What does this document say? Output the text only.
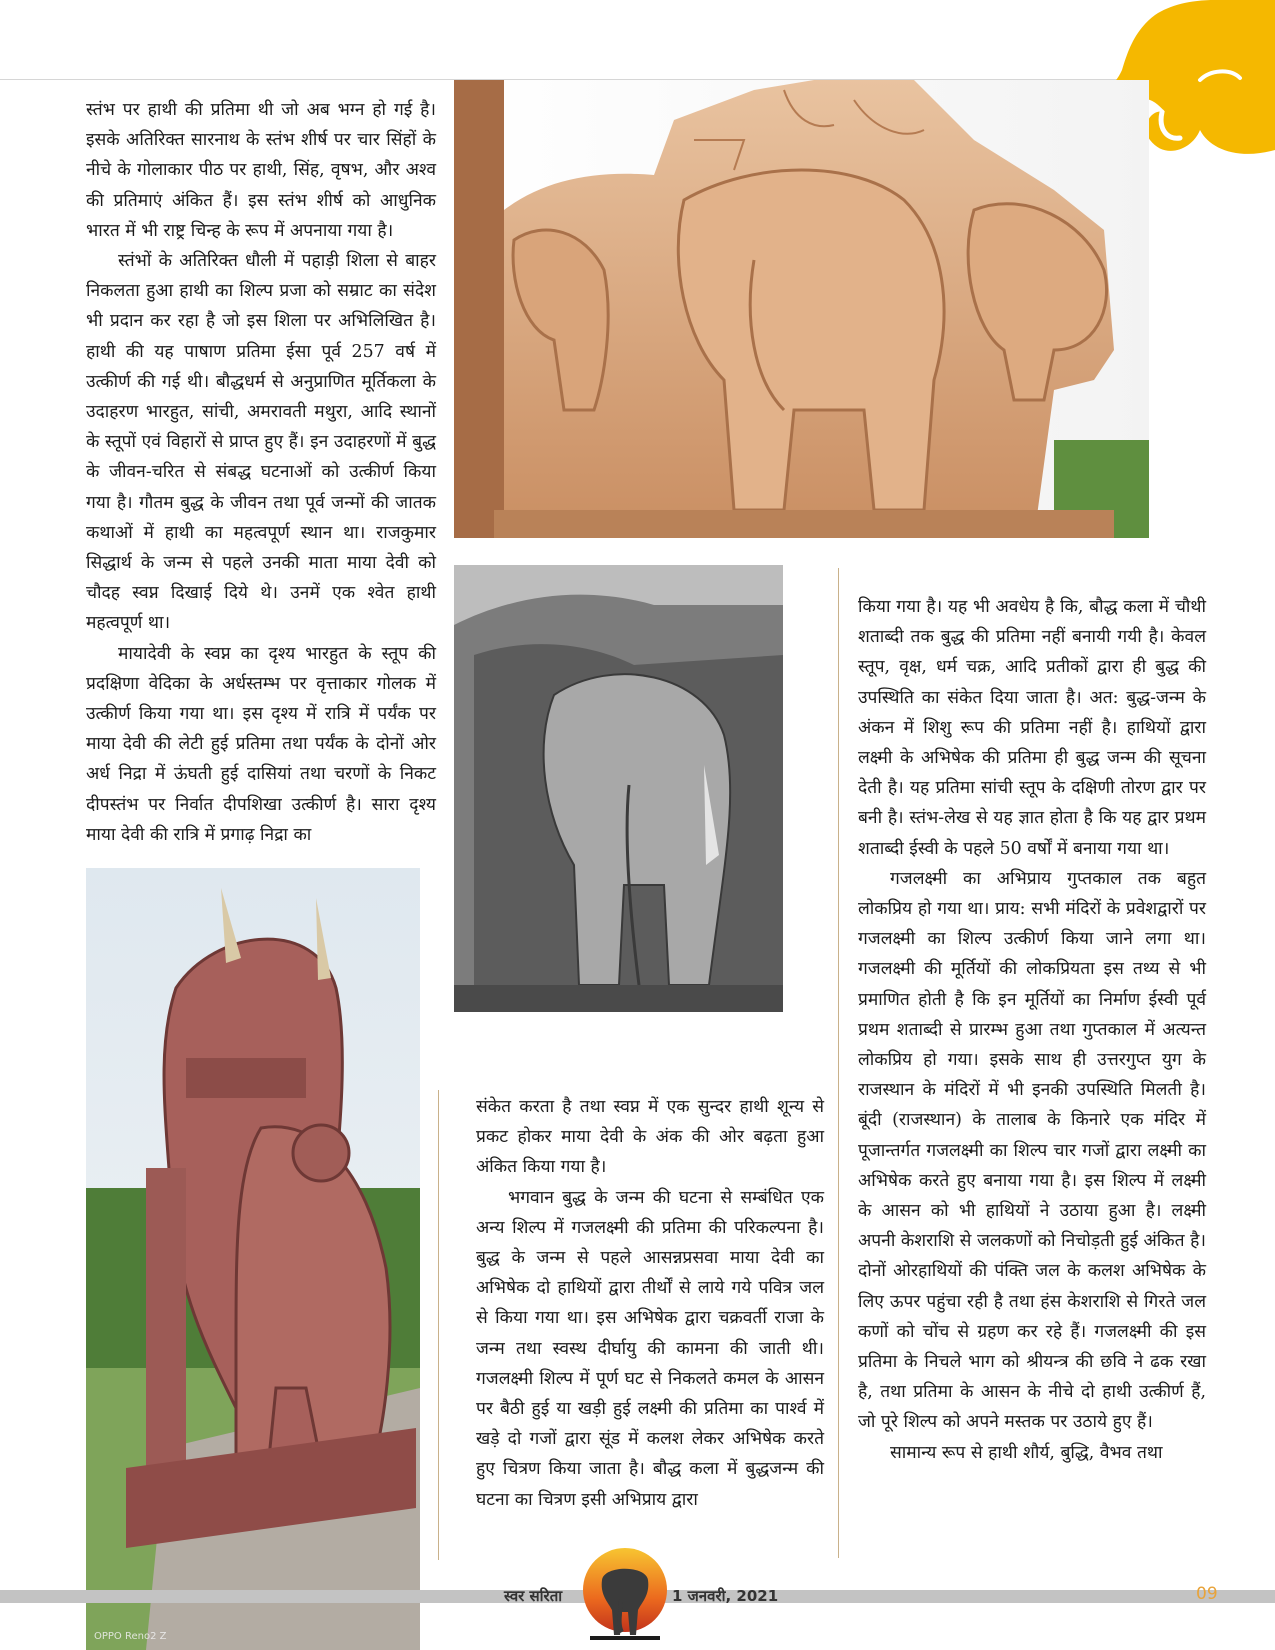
OPPO Reno2 Z

स्तंभ पर हाथी की प्रतिमा थी जो अब भग्न हो गई है। इसके अतिरिक्त सारनाथ के स्तंभ शीर्ष पर चार सिंहों के नीचे के गोलाकार पीठ पर हाथी, सिंह, वृषभ, और अश्व की प्रतिमाएं अंकित हैं। इस स्तंभ शीर्ष को आधुनिक भारत में भी राष्ट्र चिन्ह के रूप में अपनाया गया है।

स्तंभों के अतिरिक्त धौली में पहाड़ी शिला से बाहर निकलता हुआ हाथी का शिल्प प्रजा को सम्राट का संदेश भी प्रदान कर रहा है जो इस शिला पर अभिलिखित है। हाथी की यह पाषाण प्रतिमा ईसा पूर्व 257 वर्ष में उत्कीर्ण की गई थी। बौद्धधर्म से अनुप्राणित मूर्तिकला के उदाहरण भारहुत, सांची, अमरावती मथुरा, आदि स्थानों के स्तूपों एवं विहारों से प्राप्त हुए हैं। इन उदाहरणों में बुद्ध के जीवन-चरित से संबद्ध घटनाओं को उत्कीर्ण किया गया है। गौतम बुद्ध के जीवन तथा पूर्व जन्मों की जातक कथाओं में हाथी का महत्वपूर्ण स्थान था। राजकुमार सिद्धार्थ के जन्म से पहले उनकी माता माया देवी को चौदह स्वप्न दिखाई दिये थे। उनमें एक श्वेत हाथी महत्वपूर्ण था।

मायादेवी के स्वप्न का दृश्य भारहुत के स्तूप की प्रदक्षिणा वेदिका के अर्धस्तम्भ पर वृत्ताकार गोलक में उत्कीर्ण किया गया था। इस दृश्य में रात्रि में पर्यंक पर माया देवी की लेटी हुई प्रतिमा तथा पर्यंक के दोनों ओर अर्ध निद्रा में ऊंघती हुई दासियां तथा चरणों के निकट दीपस्तंभ पर निर्वात दीपशिखा उत्कीर्ण है। सारा दृश्य माया देवी की रात्रि में प्रगाढ़ निद्रा का

संकेत करता है तथा स्वप्न में एक सुन्दर हाथी शून्य से प्रकट होकर माया देवी के अंक की ओर बढ़ता हुआ अंकित किया गया है।

भगवान बुद्ध के जन्म की घटना से सम्बंधित एक अन्य शिल्प में गजलक्ष्मी की प्रतिमा की परिकल्पना है। बुद्ध के जन्म से पहले आसन्नप्रसवा माया देवी का अभिषेक दो हाथियों द्वारा तीर्थों से लाये गये पवित्र जल से किया गया था। इस अभिषेक द्वारा चक्रवर्ती राजा के जन्म तथा स्वस्थ दीर्घायु की कामना की जाती थी। गजलक्ष्मी शिल्प में पूर्ण घट से निकलते कमल के आसन पर बैठी हुई या खड़ी हुई लक्ष्मी की प्रतिमा का पार्श्व में खड़े दो गजों द्वारा सूंड में कलश लेकर अभिषेक करते हुए चित्रण किया जाता है। बौद्ध कला में बुद्धजन्म की घटना का चित्रण इसी अभिप्राय द्वारा

किया गया है। यह भी अवधेय है कि, बौद्ध कला में चौथी शताब्दी तक बुद्ध की प्रतिमा नहीं बनायी गयी है। केवल स्तूप, वृक्ष, धर्म चक्र, आदि प्रतीकों द्वारा ही बुद्ध की उपस्थिति का संकेत दिया जाता है। अत: बुद्ध-जन्म के अंकन में शिशु रूप की प्रतिमा नहीं है। हाथियों द्वारा लक्ष्मी के अभिषेक की प्रतिमा ही बुद्ध जन्म की सूचना देती है। यह प्रतिमा सांची स्तूप के दक्षिणी तोरण द्वार पर बनी है। स्तंभ-लेख से यह ज्ञात होता है कि यह द्वार प्रथम शताब्दी ईस्वी के पहले 50 वर्षों में बनाया गया था।

गजलक्ष्मी का अभिप्राय गुप्तकाल तक बहुत लोकप्रिय हो गया था। प्राय: सभी मंदिरों के प्रवेशद्वारों पर गजलक्ष्मी का शिल्प उत्कीर्ण किया जाने लगा था। गजलक्ष्मी की मूर्तियों की लोकप्रियता इस तथ्य से भी प्रमाणित होती है कि इन मूर्तियों का निर्माण ईस्वी पूर्व प्रथम शताब्दी से प्रारम्भ हुआ तथा गुप्तकाल में अत्यन्त लोकप्रिय हो गया। इसके साथ ही उत्तरगुप्त युग के राजस्थान के मंदिरों में भी इनकी उपस्थिति मिलती है। बूंदी (राजस्थान) के तालाब के किनारे एक मंदिर में पूजान्तर्गत गजलक्ष्मी का शिल्प चार गजों द्वारा लक्ष्मी का अभिषेक करते हुए बनाया गया है। इस शिल्प में लक्ष्मी के आसन को भी हाथियों ने उठाया हुआ है। लक्ष्मी अपनी केशराशि से जलकणों को निचोड़ती हुई अंकित है। दोनों ओरहाथियों की पंक्ति जल के कलश अभिषेक के लिए ऊपर पहुंचा रही है तथा हंस केशराशि से गिरते जल कणों को चोंच से ग्रहण कर रहे हैं। गजलक्ष्मी की इस प्रतिमा के निचले भाग को श्रीयन्त्र की छवि ने ढक रखा है, तथा प्रतिमा के आसन के नीचे दो हाथी उत्कीर्ण हैं, जो पूरे शिल्प को अपने मस्तक पर उठाये हुए हैं।

सामान्य रूप से हाथी शौर्य, बुद्धि, वैभव तथा

स्वर सरिता	1 जनवरी, 2021	09
